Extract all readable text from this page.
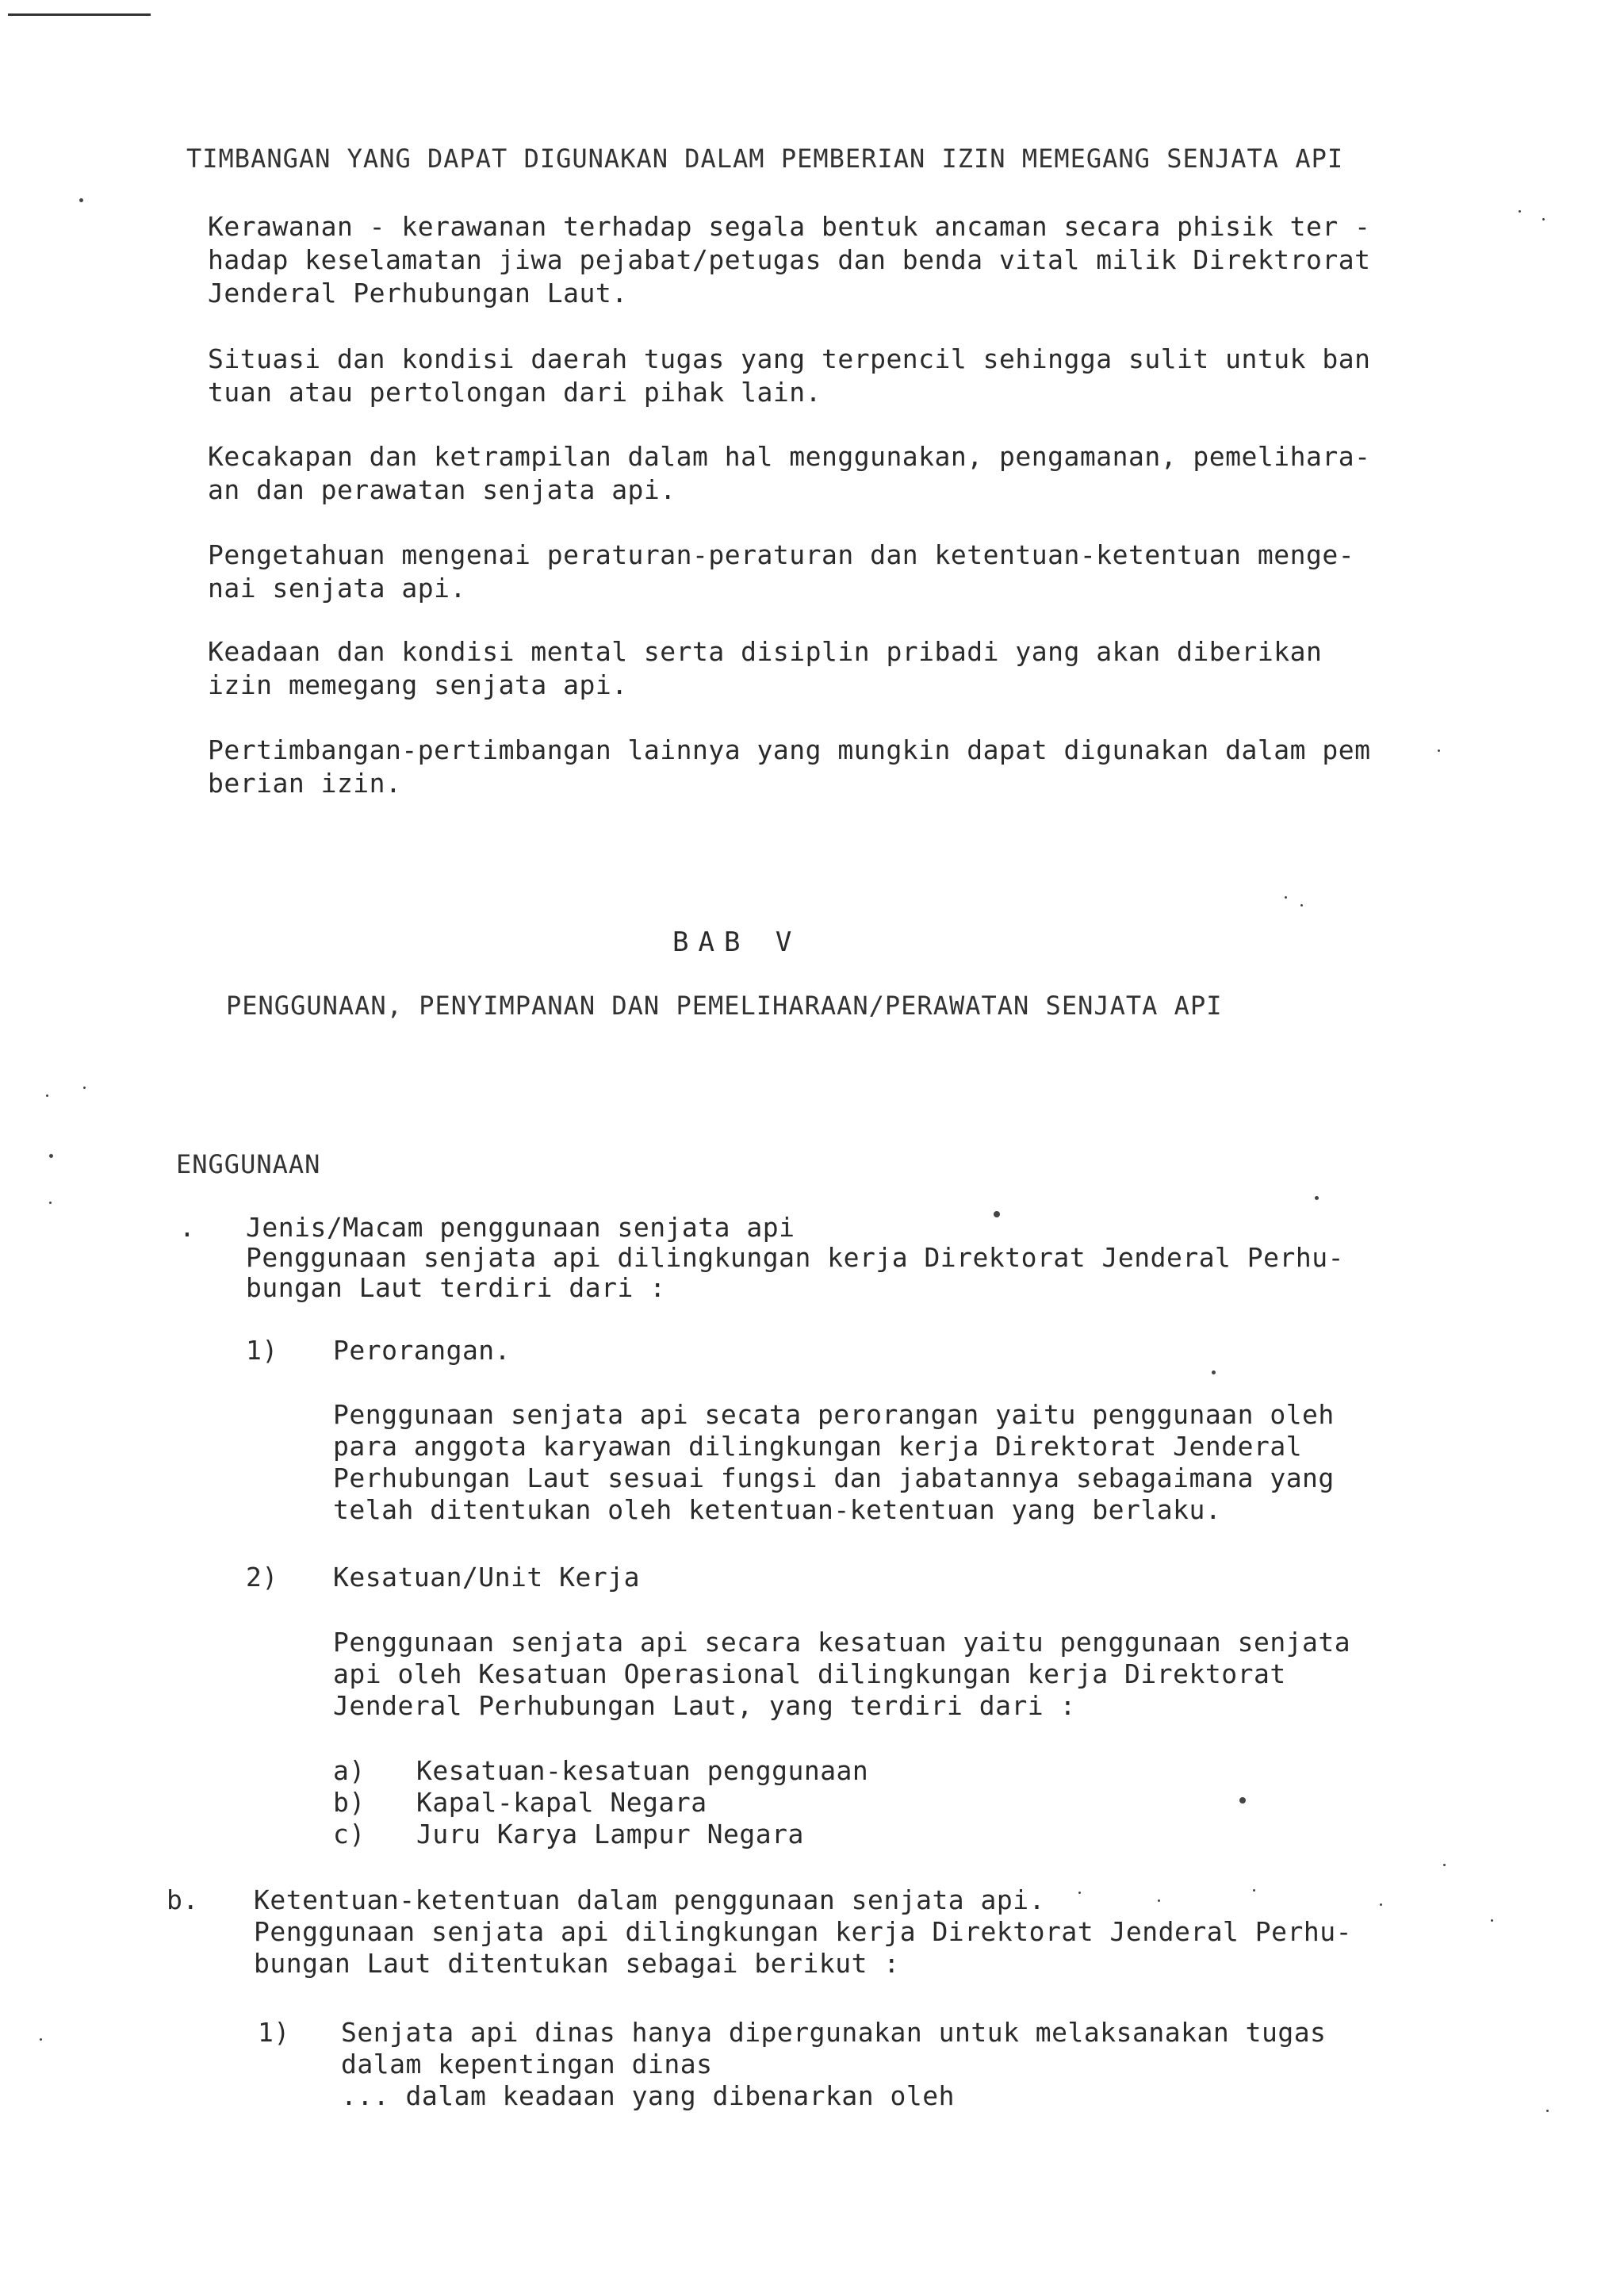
TIMBANGAN YANG DAPAT DIGUNAKAN DALAM PEMBERIAN IZIN MEMEGANG SENJATA API
Kerawanan - kerawanan terhadap segala bentuk ancaman secara phisik ter -
hadap keselamatan jiwa pejabat/petugas dan benda vital milik Direktrorat
Jenderal Perhubungan Laut.
Situasi dan kondisi daerah tugas yang terpencil sehingga sulit untuk ban
tuan atau pertolongan dari pihak lain.
Kecakapan dan ketrampilan dalam hal menggunakan, pengamanan, pemelihara-
an dan perawatan senjata api.
Pengetahuan mengenai peraturan-peraturan dan ketentuan-ketentuan menge-
nai senjata api.
Keadaan dan kondisi mental serta disiplin pribadi yang akan diberikan
izin memegang senjata api.
Pertimbangan-pertimbangan lainnya yang mungkin dapat digunakan dalam pem
berian izin.
BAB V
PENGGUNAAN, PENYIMPANAN DAN PEMELIHARAAN/PERAWATAN SENJATA API
ENGGUNAAN
. Jenis/Macam penggunaan senjata api
Penggunaan senjata api dilingkungan kerja Direktorat Jenderal Perhu-
bungan Laut terdiri dari :
1) Perorangan.
Penggunaan senjata api secata perorangan yaitu penggunaan oleh
para anggota karyawan dilingkungan kerja Direktorat Jenderal
Perhubungan Laut sesuai fungsi dan jabatannya sebagaimana yang
telah ditentukan oleh ketentuan-ketentuan yang berlaku.
2) Kesatuan/Unit Kerja
Penggunaan senjata api secara kesatuan yaitu penggunaan senjata
api oleh Kesatuan Operasional dilingkungan kerja Direktorat
Jenderal Perhubungan Laut, yang terdiri dari :
a) Kesatuan-kesatuan penggunaan
b) Kapal-kapal Negara
c) Juru Karya Lampur Negara
b. Ketentuan-ketentuan dalam penggunaan senjata api.
Penggunaan senjata api dilingkungan kerja Direktorat Jenderal Perhu-
bungan Laut ditentukan sebagai berikut :
1) Senjata api dinas hanya dipergunakan untuk melaksanakan tugas
dalam kepentingan dinas
... dalam keadaan yang dibenarkan oleh
